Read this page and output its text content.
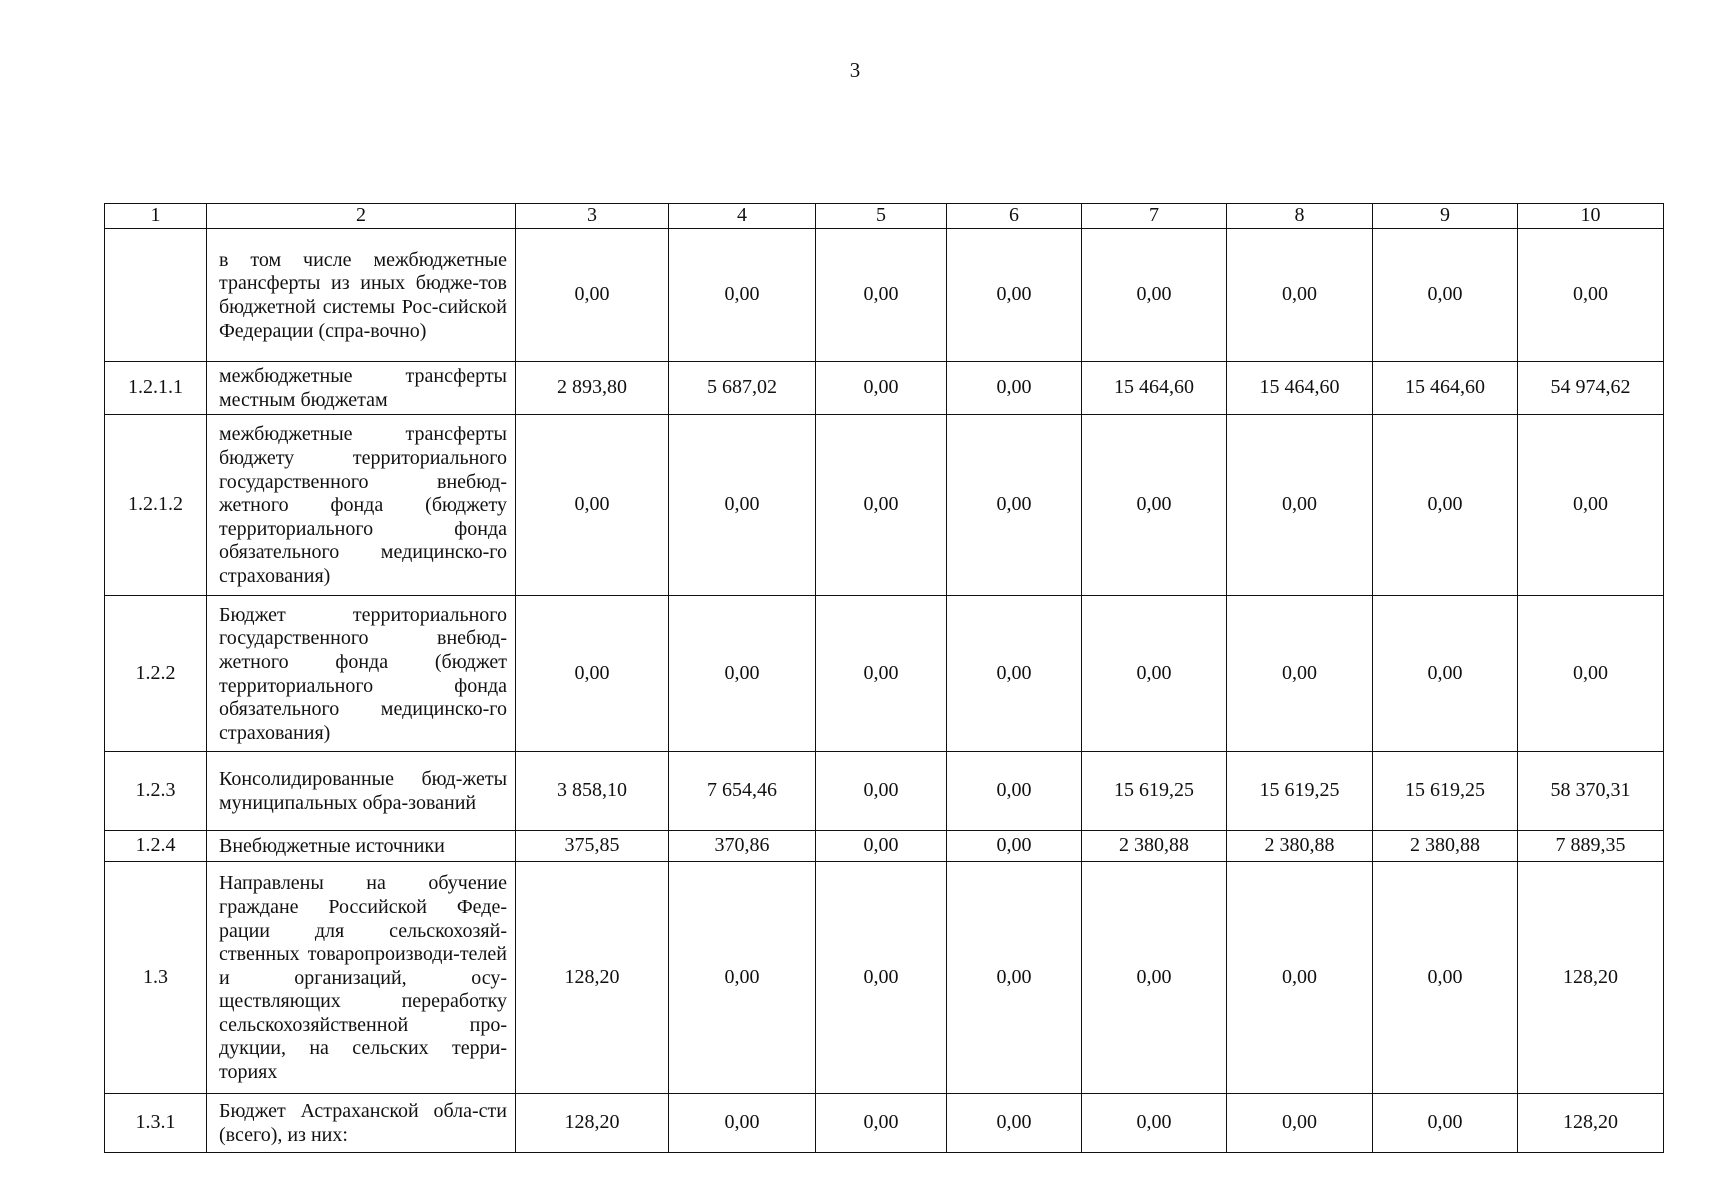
3
1	2	3	4	5	6	7	8	9	10
	в том числе межбюджетные трансферты из иных бюдже-тов бюджетной системы Рос-сийской Федерации (спра-вочно)	0,00	0,00	0,00	0,00	0,00	0,00	0,00	0,00
1.2.1.1	межбюджетные трансферты местным бюджетам	2 893,80	5 687,02	0,00	0,00	15 464,60	15 464,60	15 464,60	54 974,62
1.2.1.2	межбюджетные трансферты бюджету территориального государственного внебюд-жетного фонда (бюджету территориального фонда обязательного медицинско-го страхования)	0,00	0,00	0,00	0,00	0,00	0,00	0,00	0,00
1.2.2	Бюджет территориального государственного внебюд-жетного фонда (бюджет территориального фонда обязательного медицинско-го страхования)	0,00	0,00	0,00	0,00	0,00	0,00	0,00	0,00
1.2.3	Консолидированные бюд-жеты муниципальных обра-зований	3 858,10	7 654,46	0,00	0,00	15 619,25	15 619,25	15 619,25	58 370,31
1.2.4	Внебюджетные источники	375,85	370,86	0,00	0,00	2 380,88	2 380,88	2 380,88	7 889,35
1.3	Направлены на обучение граждане Российской Феде-рации для сельскохозяй-ственных товаропроизводи-телей и организаций, осу-ществляющих переработку сельскохозяйственной про-дукции, на сельских терри-ториях	128,20	0,00	0,00	0,00	0,00	0,00	0,00	128,20
1.3.1	Бюджет Астраханской обла-сти (всего), из них:	128,20	0,00	0,00	0,00	0,00	0,00	0,00	128,20
